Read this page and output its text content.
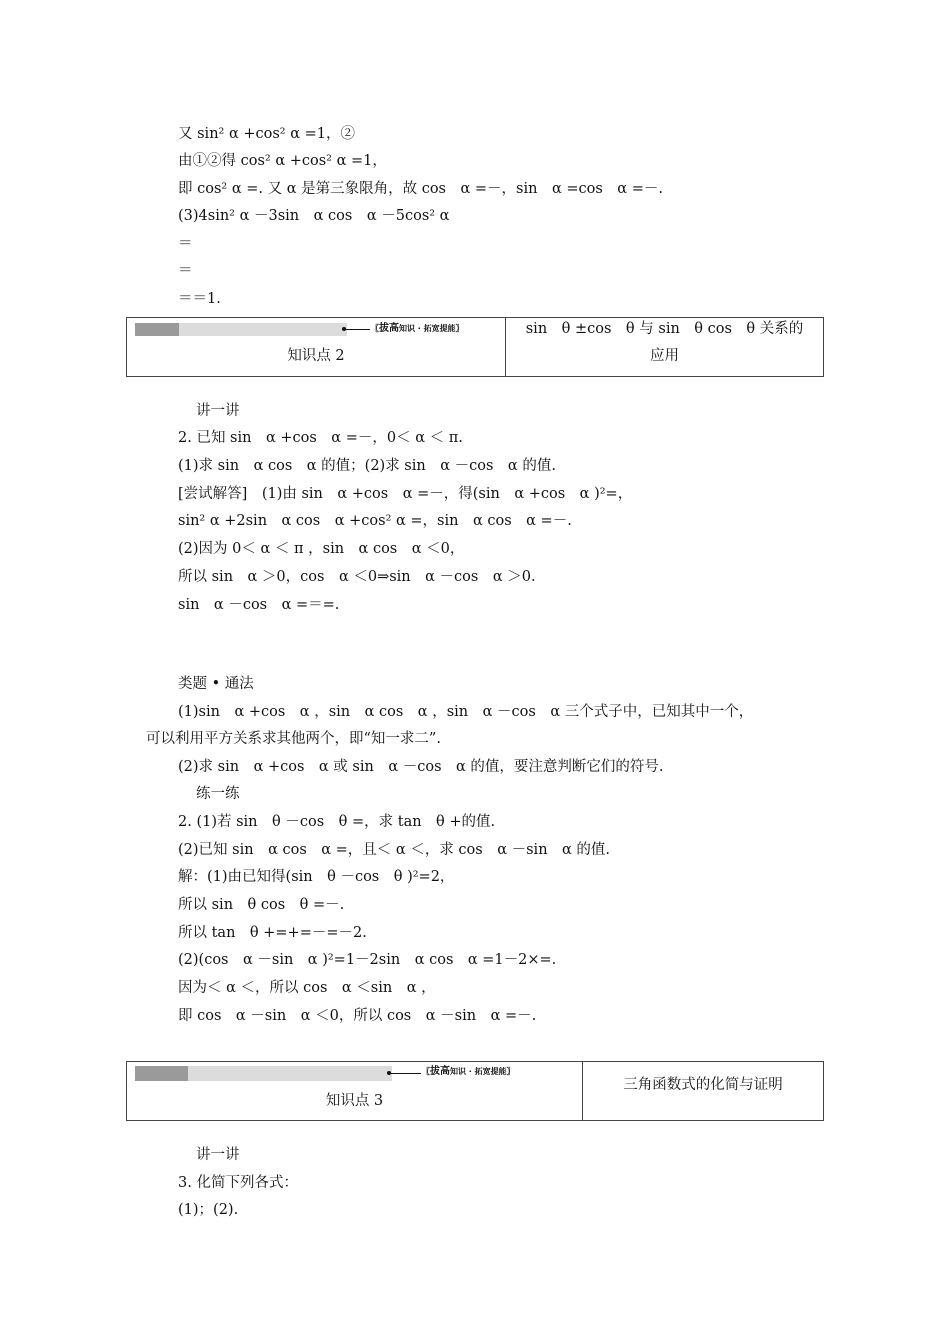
又 sin² α +cos² α =1，②
由①②得 cos² α +cos² α =1，
即 cos² α =. 又 α 是第三象限角，故 cos　α =－，sin　α =cos　α =－.
(3)4sin² α －3sin　α cos　α －5cos² α
＝
＝
＝＝1.
〖拔高知识 · 拓宽提能〗
知识点 2
sin　θ ±cos　θ 与 sin　θ cos　θ 关系的
应用
讲一讲
2. 已知 sin　α +cos　α =－，0＜ α ＜ π.
(1)求 sin　α cos　α 的值；(2)求 sin　α －cos　α 的值.
[尝试解答]　(1)由 sin　α +cos　α =－，得(sin　α +cos　α )²=，
sin² α +2sin　α cos　α +cos² α =，sin　α cos　α =－.
(2)因为 0＜ α ＜ π ，sin　α cos　α ＜0，
所以 sin　α ＞0，cos　α ＜0⇒sin　α －cos　α ＞0.
sin　α －cos　α =＝=.
类题 • 通法
(1)sin　α +cos　α ，sin　α cos　α ，sin　α －cos　α 三个式子中，已知其中一个，
可以利用平方关系求其他两个，即“知一求二”.
(2)求 sin　α +cos　α 或 sin　α －cos　α 的值，要注意判断它们的符号.
练一练
2. (1)若 sin　θ －cos　θ =，求 tan　θ +的值.
(2)已知 sin　α cos　α =，且＜ α ＜，求 cos　α －sin　α 的值.
解：(1)由已知得(sin　θ －cos　θ )²=2，
所以 sin　θ cos　θ =－.
所以 tan　θ +=+=－=－2.
(2)(cos　α －sin　α )²=1－2sin　α cos　α =1－2×=.
因为＜ α ＜，所以 cos　α ＜sin　α ，
即 cos　α －sin　α ＜0，所以 cos　α －sin　α =－.
〖拔高知识 · 拓宽提能〗
知识点 3
三角函数式的化简与证明
讲一讲
3. 化简下列各式：
(1)；(2).
